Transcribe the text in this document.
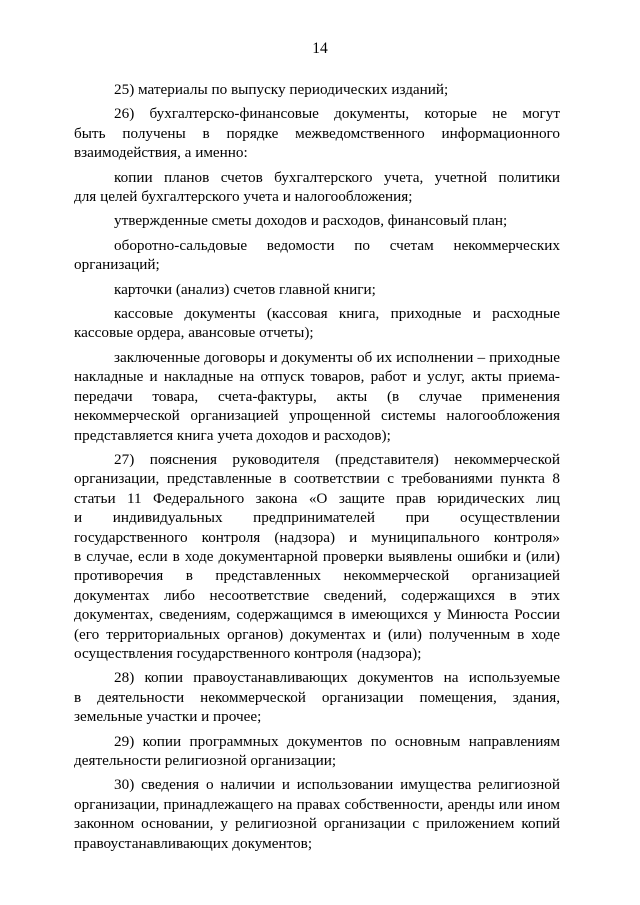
14
25) материалы по выпуску периодических изданий;
26) бухгалтерско-финансовые документы, которые не могут
быть получены в порядке межведомственного информационного
взаимодействия, а именно:
копии планов счетов бухгалтерского учета, учетной политики
для целей бухгалтерского учета и налогообложения;
утвержденные сметы доходов и расходов, финансовый план;
оборотно-сальдовые ведомости по счетам некоммерческих
организаций;
карточки (анализ) счетов главной книги;
кассовые документы (кассовая книга, приходные и расходные
кассовые ордера, авансовые отчеты);
заключенные договоры и документы об их исполнении – приходные
накладные и накладные на отпуск товаров, работ и услуг, акты приема-
передачи товара, счета-фактуры, акты (в случае применения
некоммерческой организацией упрощенной системы налогообложения
представляется книга учета доходов и расходов);
27) пояснения руководителя (представителя) некоммерческой
организации, представленные в соответствии с требованиями пункта 8
статьи 11 Федерального закона «О защите прав юридических лиц
и индивидуальных предпринимателей при осуществлении
государственного контроля (надзора) и муниципального контроля»
в случае, если в ходе документарной проверки выявлены ошибки и (или)
противоречия в представленных некоммерческой организацией
документах либо несоответствие сведений, содержащихся в этих
документах, сведениям, содержащимся в имеющихся у Минюста России
(его территориальных органов) документах и (или) полученным в ходе
осуществления государственного контроля (надзора);
28) копии правоустанавливающих документов на используемые
в деятельности некоммерческой организации помещения, здания,
земельные участки и прочее;
29) копии программных документов по основным направлениям
деятельности религиозной организации;
30) сведения о наличии и использовании имущества религиозной
организации, принадлежащего на правах собственности, аренды или ином
законном основании, у религиозной организации с приложением копий
правоустанавливающих документов;
